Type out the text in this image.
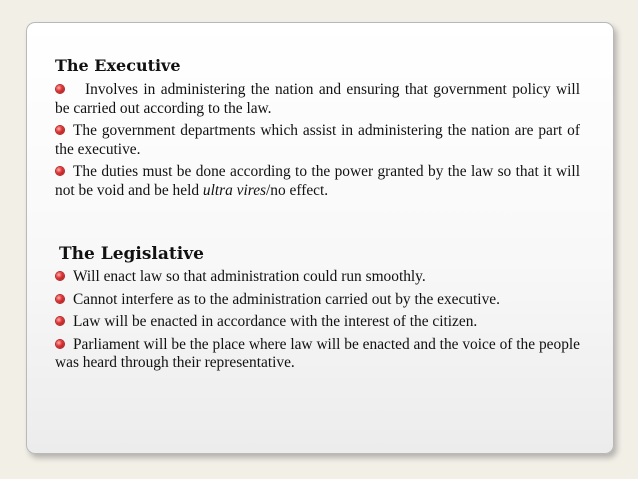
The Executive
Involves in administering the nation and ensuring that government policy will be carried out according to the law.
The government departments which assist in administering the nation are part of the executive.
The duties must be done according to the power granted by the law so that it will not be void and be held ultra vires/no effect.
The Legislative
Will enact law so that administration could run smoothly.
Cannot interfere as to the administration carried out by the executive.
Law will be enacted in accordance with the interest of the citizen.
Parliament will be the place where law will be enacted and the voice of the people was heard through their representative.
